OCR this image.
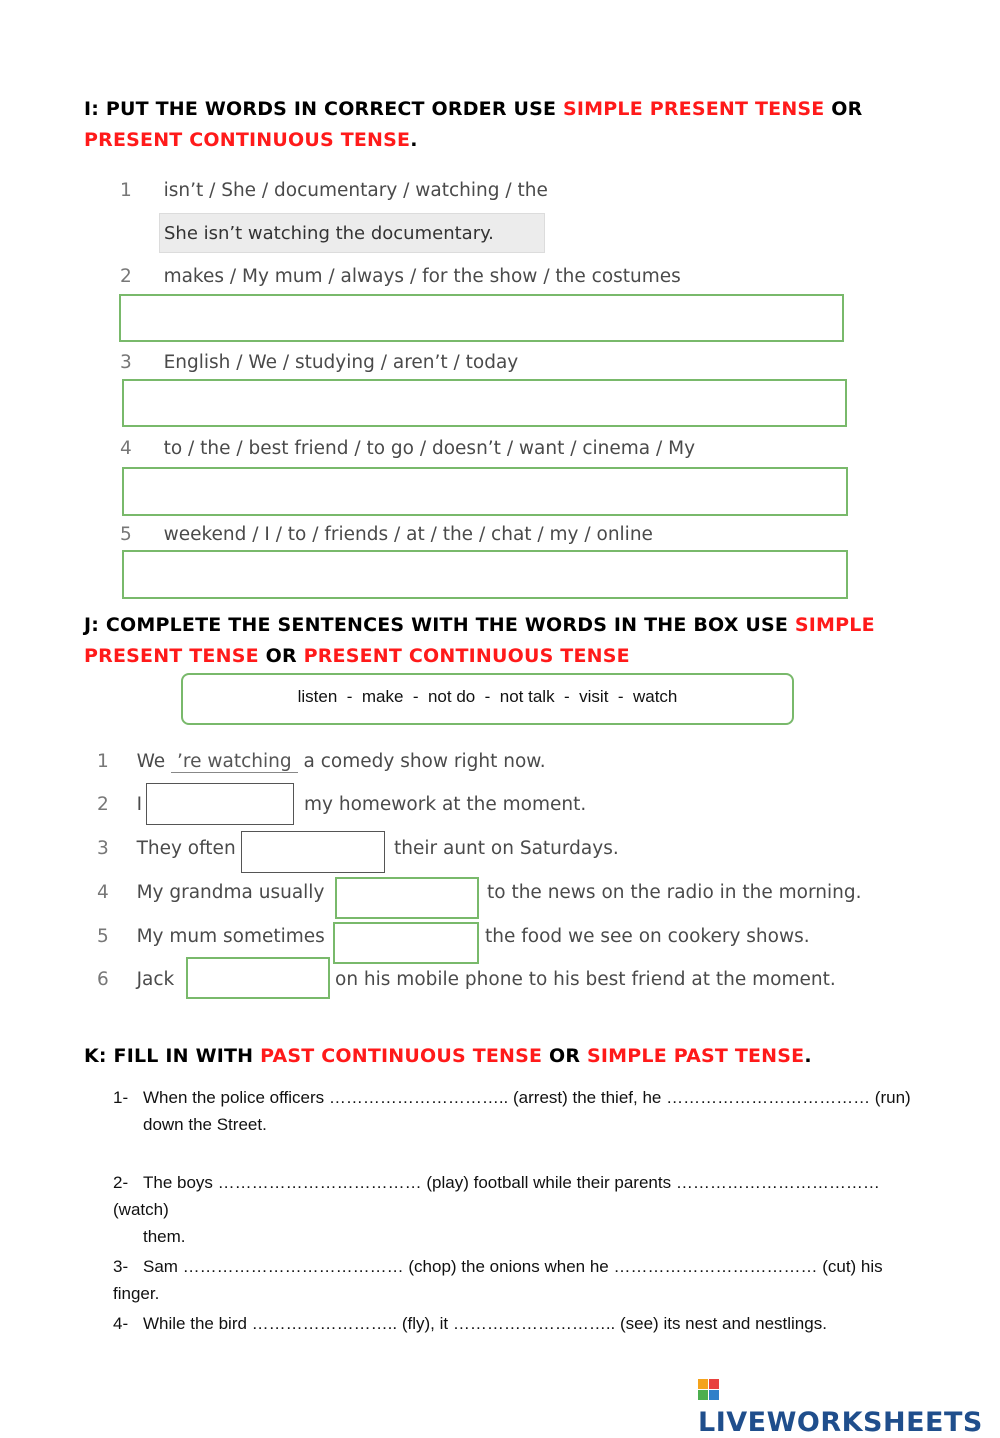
I: PUT THE WORDS IN CORRECT ORDER USE SIMPLE PRESENT TENSE OR
PRESENT CONTINUOUS TENSE.
1 isn’t / She / documentary / watching / the
She isn’t watching the documentary.
2 makes / My mum / always / for the show / the costumes
3 English / We / studying / aren’t / today
4 to / the / best friend / to go / doesn’t / want / cinema / My
5 weekend / I / to / friends / at / the / chat / my / online
J: COMPLETE THE SENTENCES WITH THE WORDS IN THE BOX USE SIMPLE
PRESENT TENSE OR PRESENT CONTINUOUS TENSE
listen  -  make  -  not do  -  not talk  -  visit  -  watch
1 We ’re watching a comedy show right now.
2 I	my homework at the moment.
3 They often	their aunt on Saturdays.
4 My grandma usually	to the news on the radio in the morning.
5 My mum sometimes	the food we see on cookery shows.
6 Jack	on his mobile phone to his best friend at the moment.
K: FILL IN WITH PAST CONTINUOUS TENSE OR SIMPLE PAST TENSE.
1- When the police officers ………………………….. (arrest) the thief, he ……………………………… (run)
down the Street.
2- The boys ……………………………… (play) football while their parents ………………………………(watch)
them.
3- Sam ………………………………… (chop) the onions when he ……………………………… (cut) his finger.
4- While the bird …………………….. (fly), it ……………………….. (see) its nest and nestlings.
LIVEWORKSHEETS
